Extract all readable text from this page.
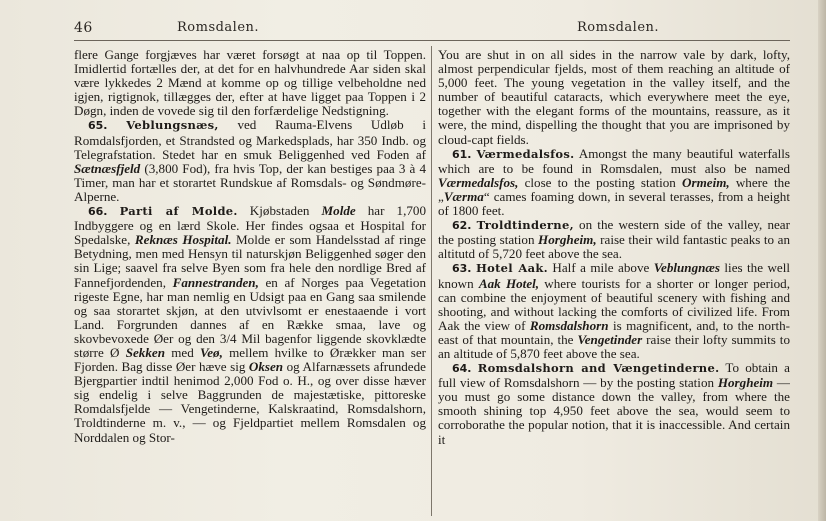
46	Romsdalen.	Romsdalen.

flere Gange forgjæves har været forsøgt at naa op til Toppen. Imidlertid fortælles der, at det for en halvhundrede Aar siden skal være lykkedes 2 Mænd at komme op og tillige velbeholdne ned igjen, rigtignok, tillægges der, efter at have ligget paa Toppen i 2 Døgn, inden de vovede sig til den forfærdelige Nedstigning.

65. Veblungsnæs, ved Rauma-Elvens Udløb i Romdalsfjorden, et Strandsted og Markedsplads, har 350 Indb. og Telegrafstation. Stedet har en smuk Beliggenhed ved Foden af Sætnæsfjeld (3,800 Fod), fra hvis Top, der kan bestiges paa 3 à 4 Timer, man har et storartet Rundskue af Romsdals- og Søndmøre-Alperne.

66. Parti af Molde. Kjøbstaden Molde har 1,700 Indbyggere og en lærd Skole. Her findes ogsaa et Hospital for Spedalske, Reknæs Hospital. Molde er som Handelsstad af ringe Betydning, men med Hensyn til naturskjøn Beliggenhed søger den sin Lige; saavel fra selve Byen som fra hele den nordlige Bred af Fannefjordenden, Fannestranden, en af Norges paa Vegetation rigeste Egne, har man nemlig en Udsigt paa en Gang saa smilende og saa storartet skjøn, at den utvivlsomt er enestaaende i vort Land. Forgrunden dannes af en Række smaa, lave og skovbevoxede Øer og den 3/4 Mil bagenfor liggende skovklædte større Ø Sekken med Veø, mellem hvilke to Ørækker man ser Fjorden. Bag disse Øer hæve sig Oksen og Alfarnæssets afrundede Bjergpartier indtil henimod 2,000 Fod o. H., og over disse hæver sig endelig i selve Baggrunden de majestætiske, pittoreske Romdalsfjelde — Vengetinderne, Kalskraatind, Romsdalshorn, Troldtinderne m. v., — og Fjeldpartiet mellem Romsdalen og Norddalen og Stor-

You are shut in on all sides in the narrow vale by dark, lofty, almost perpendicular fjelds, most of them reaching an altitude of 5,000 feet. The young vegetation in the valley itself, and the number of beautiful cataracts, which everywhere meet the eye, together with the elegant forms of the mountains, reassure, as it were, the mind, dispelling the thought that you are imprisoned by cloud-capt fields.

61. Værmedalsfos. Amongst the many beautiful waterfalls which are to be found in Romsdalen, must also be named Værmedalsfos, close to the posting station Ormeim, where the „Værma“ cames foaming down, in several terasses, from a height of 1800 feet.

62. Troldtinderne, on the western side of the valley, near the posting station Horgheim, raise their wild fantastic peaks to an altitutd of 5,720 feet above the sea.

63. Hotel Aak. Half a mile above Veblungnæs lies the well known Aak Hotel, where tourists for a shorter or longer period, can combine the enjoyment of beautiful scenery with fishing and shooting, and without lacking the comforts of civilized life. From Aak the view of Romsdalshorn is magnificent, and, to the north-east of that mountain, the Vengetinder raise their lofty summits to an altitude of 5,870 feet above the sea.

64. Romsdalshorn and Vængetinderne. To obtain a full view of Romsdalshorn — by the posting station Horgheim — you must go some distance down the valley, from where the smooth shining top 4,950 feet above the sea, would seem to corroborathe the popular notion, that it is inaccessible. And certain it
